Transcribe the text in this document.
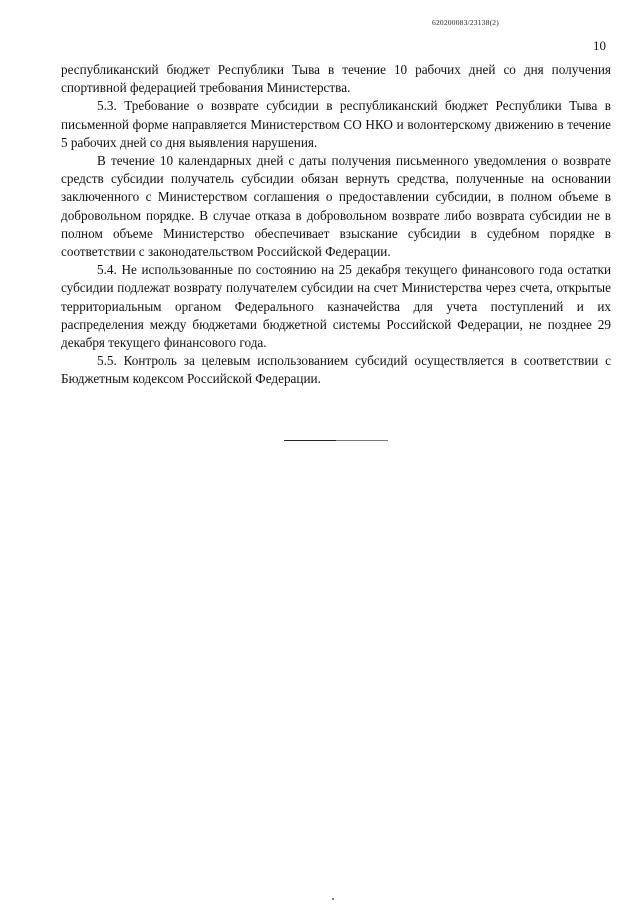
620200083/23138(2)
10

республиканский бюджет Республики Тыва в течение 10 рабочих дней со дня получения спортивной федерацией требования Министерства.

5.3. Требование о возврате субсидии в республиканский бюджет Республики Тыва в письменной форме направляется Министерством СО НКО и волонтерскому движению в течение 5 рабочих дней со дня выявления нарушения.

В течение 10 календарных дней с даты получения письменного уведомления о возврате средств субсидии получатель субсидии обязан вернуть средства, полученные на основании заключенного с Министерством соглашения о предоставлении субсидии, в полном объеме в добровольном порядке. В случае отказа в добровольном возврате либо возврата субсидии не в полном объеме Министерство обеспечивает взыскание субсидии в судебном порядке в соответствии с законодательством Российской Федерации.

5.4. Не использованные по состоянию на 25 декабря текущего финансового года остатки субсидии подлежат возврату получателем субсидии на счет Министерства через счета, открытые территориальным органом Федерального казначейства для учета поступлений и их распределения между бюджетами бюджетной системы Российской Федерации, не позднее 29 декабря текущего финансового года.

5.5. Контроль за целевым использованием субсидий осуществляется в соответствии с Бюджетным кодексом Российской Федерации.
